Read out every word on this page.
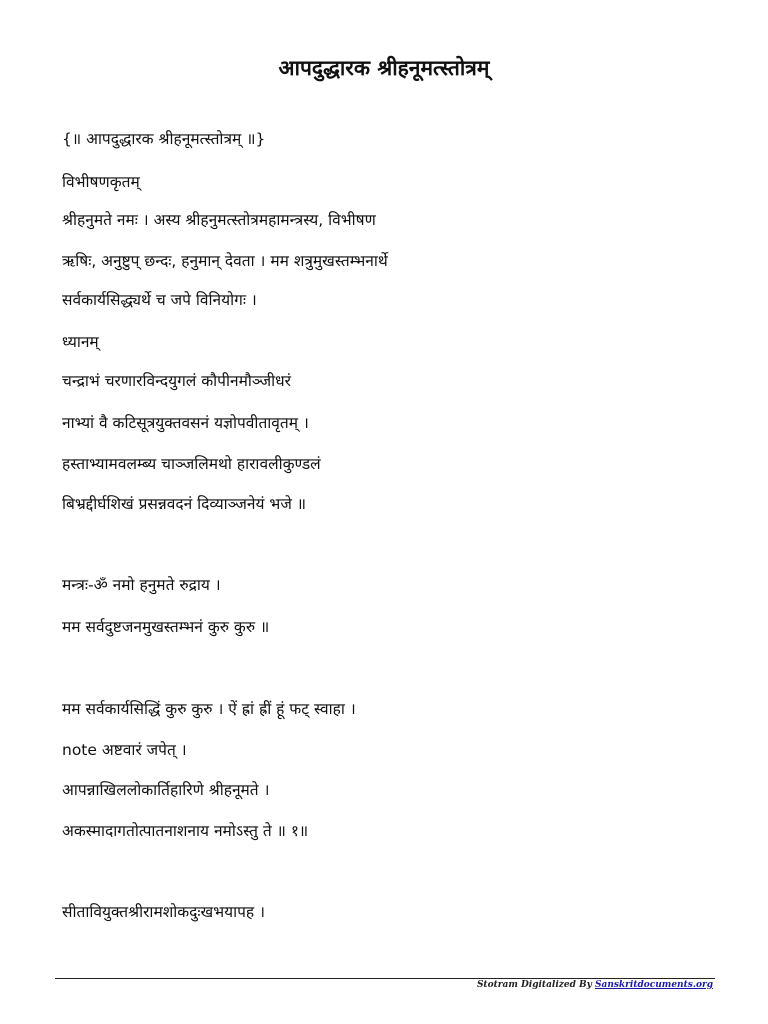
आपदुद्धारक श्रीहनूमत्स्तोत्रम्
{॥ आपदुद्धारक श्रीहनूमत्स्तोत्रम् ॥}
विभीषणकृतम्
श्रीहनुमते नमः । अस्य श्रीहनुमत्स्तोत्रमहामन्त्रस्य, विभीषण
ऋषिः, अनुष्टुप् छन्दः, हनुमान् देवता । मम शत्रुमुखस्तम्भनार्थे
सर्वकार्यसिद्ध्यर्थे च जपे विनियोगः ।
ध्यानम्
चन्द्राभं चरणारविन्दयुगलं कौपीनमौञ्जीधरं
नाभ्यां वै कटिसूत्रयुक्तवसनं यज्ञोपवीतावृतम् ।
हस्ताभ्यामवलम्ब्य चाञ्जलिमथो हारावलीकुण्डलं
बिभ्रद्दीर्घशिखं प्रसन्नवदनं दिव्याञ्जनेयं भजे ॥
मन्त्रः-ॐ नमो हनुमते रुद्राय ।
मम सर्वदुष्टजनमुखस्तम्भनं कुरु कुरु ॥
मम सर्वकार्यसिद्धिं कुरु कुरु । ऐं ह्रां ह्रीं हूं फट् स्वाहा ।
note अष्टवारं जपेत् ।
आपन्नाखिललोकार्तिहारिणे श्रीहनूमते ।
अकस्मादागतोत्पातनाशनाय नमोऽस्तु ते ॥ १॥
सीतावियुक्तश्रीरामशोकदुःखभयापह ।
Stotram Digitalized By Sanskritdocuments.org
